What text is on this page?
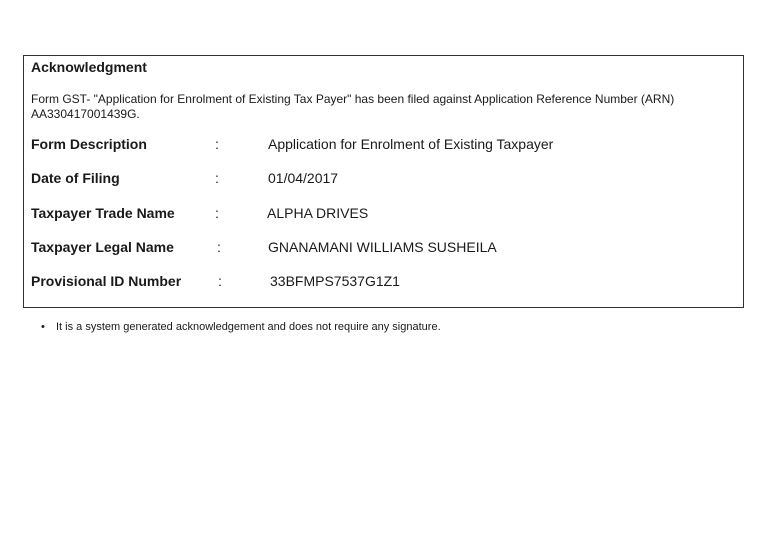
Acknowledgment
Form GST- "Application for Enrolment of Existing Tax Payer" has been filed against Application Reference Number (ARN) AA330417001439G.
Form Description	:	Application for Enrolment of Existing Taxpayer
Date of Filing	:	01/04/2017
Taxpayer Trade Name	:	ALPHA DRIVES
Taxpayer Legal Name	:	GNANAMANI WILLIAMS SUSHEILA
Provisional ID Number	:	33BFMPS7537G1Z1
• It is a system generated acknowledgement and does not require any signature.
